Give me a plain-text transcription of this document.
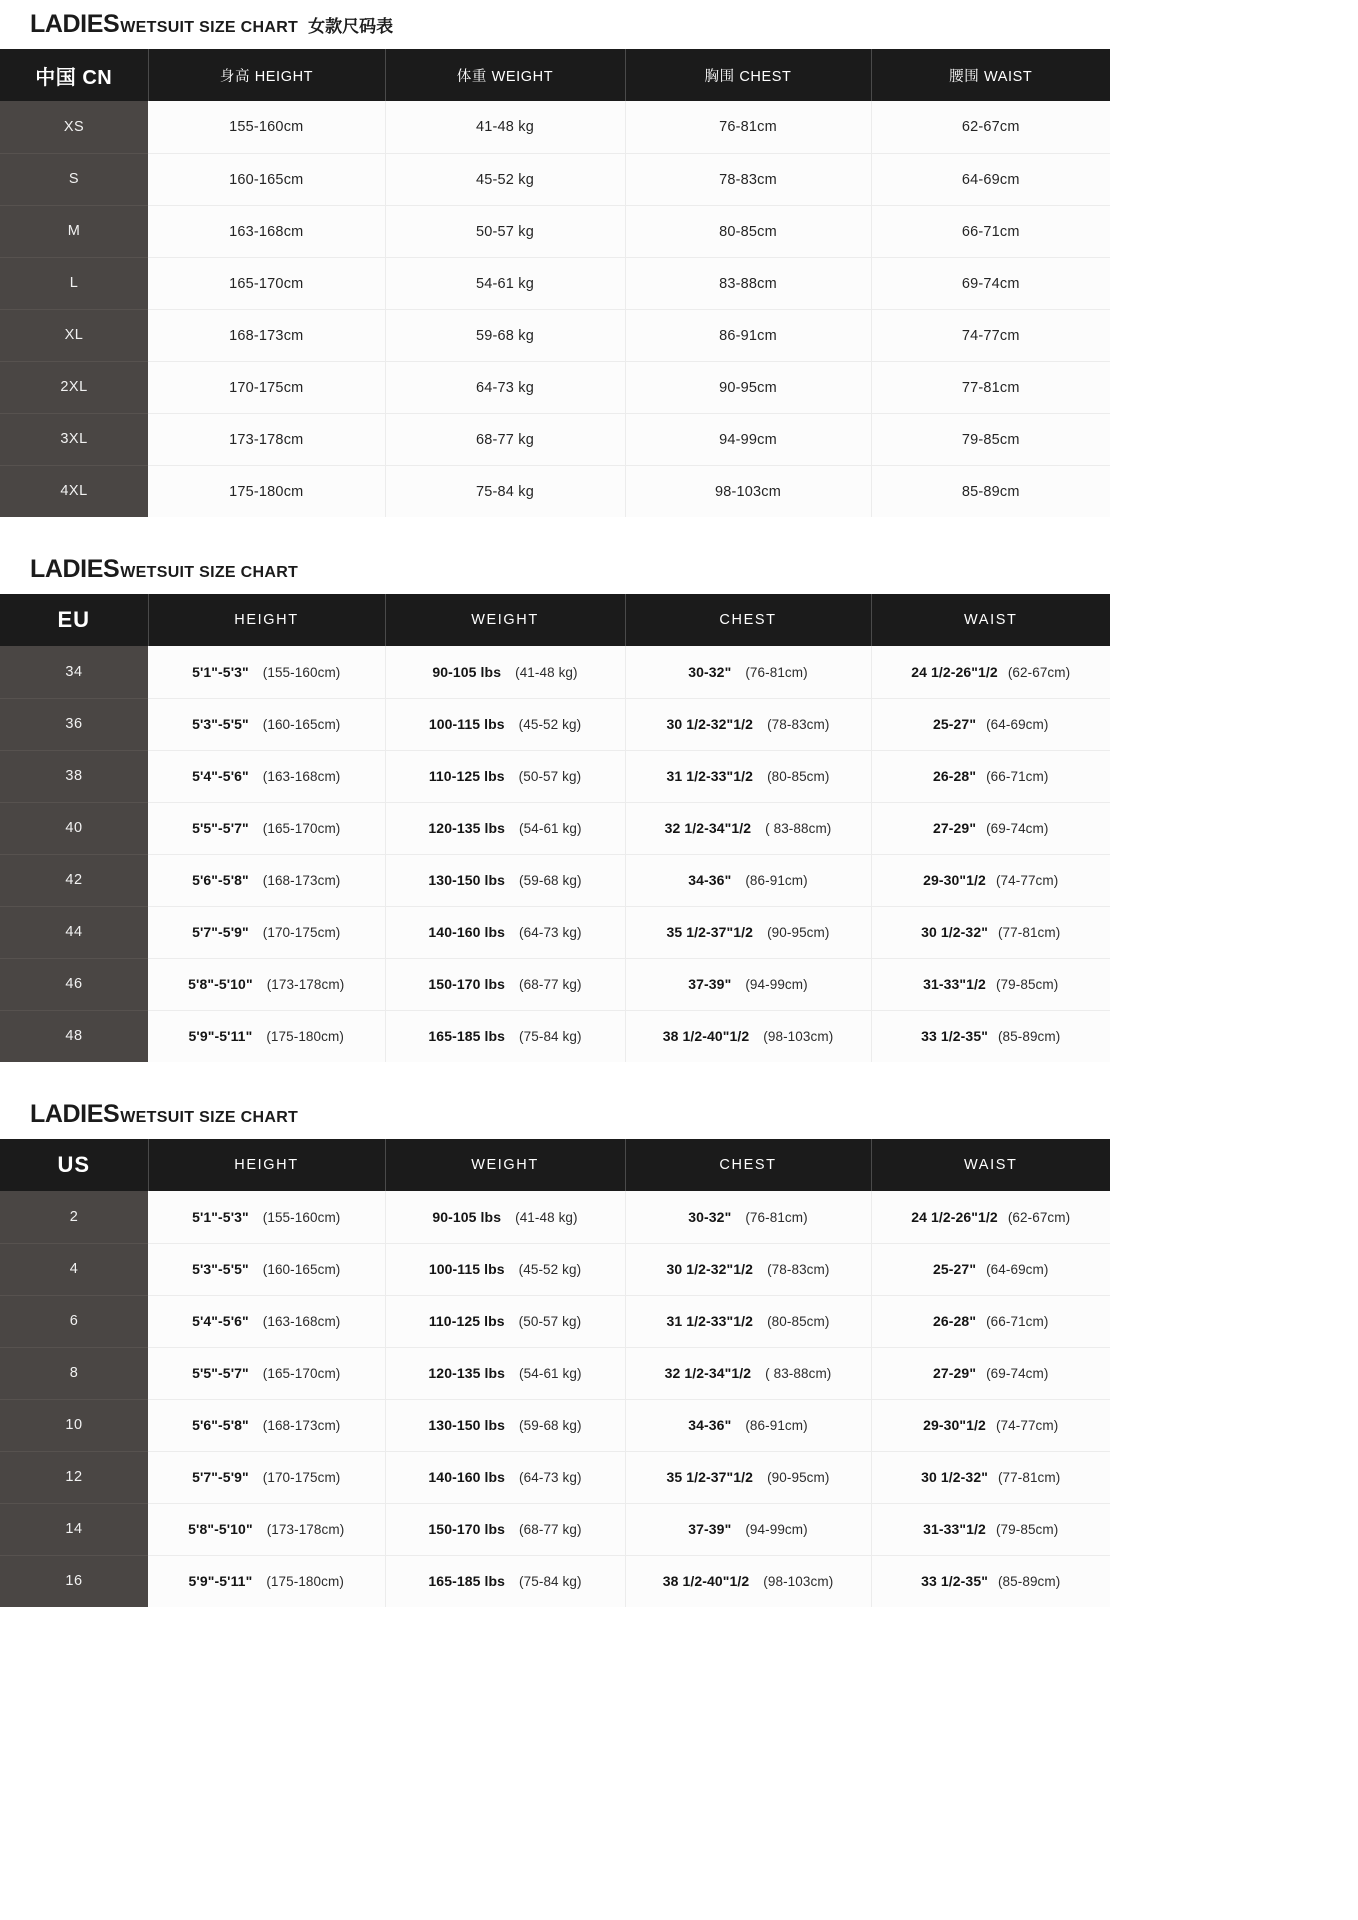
LADIESWETSUIT SIZE CHART 女款尺码表
中国 CN	身高 HEIGHT	体重 WEIGHT	胸围 CHEST	腰围 WAIST
XS	155-160cm	41-48 kg	76-81cm	62-67cm
S	160-165cm	45-52 kg	78-83cm	64-69cm
M	163-168cm	50-57 kg	80-85cm	66-71cm
L	165-170cm	54-61 kg	83-88cm	69-74cm
XL	168-173cm	59-68 kg	86-91cm	74-77cm
2XL	170-175cm	64-73 kg	90-95cm	77-81cm
3XL	173-178cm	68-77 kg	94-99cm	79-85cm
4XL	175-180cm	75-84 kg	98-103cm	85-89cm
LADIESWETSUIT SIZE CHART
EU	HEIGHT	WEIGHT	CHEST	WAIST
34	5'1"-5'3" (155-160cm)	90-105 lbs (41-48 kg)	30-32" (76-81cm)	24 1/2-26"1/2 (62-67cm)

36	5'3"-5'5" (160-165cm)	100-115 lbs (45-52 kg)	30 1/2-32"1/2 (78-83cm)	25-27" (64-69cm)

38	5'4"-5'6" (163-168cm)	110-125 lbs (50-57 kg)	31 1/2-33"1/2 (80-85cm)	26-28" (66-71cm)

40	5'5"-5'7" (165-170cm)	120-135 lbs (54-61 kg)	32 1/2-34"1/2 ( 83-88cm)	27-29" (69-74cm)

42	5'6"-5'8" (168-173cm)	130-150 lbs (59-68 kg)	34-36" (86-91cm)	29-30"1/2 (74-77cm)

44	5'7"-5'9" (170-175cm)	140-160 lbs (64-73 kg)	35 1/2-37"1/2 (90-95cm)	30 1/2-32" (77-81cm)

46	5'8"-5'10" (173-178cm)	150-170 lbs (68-77 kg)	37-39" (94-99cm)	31-33"1/2 (79-85cm)

48	5'9"-5'11" (175-180cm)	165-185 lbs (75-84 kg)	38 1/2-40"1/2 (98-103cm)	33 1/2-35" (85-89cm)
LADIESWETSUIT SIZE CHART
US	HEIGHT	WEIGHT	CHEST	WAIST
2	5'1"-5'3" (155-160cm)	90-105 lbs (41-48 kg)	30-32" (76-81cm)	24 1/2-26"1/2 (62-67cm)

4	5'3"-5'5" (160-165cm)	100-115 lbs (45-52 kg)	30 1/2-32"1/2 (78-83cm)	25-27" (64-69cm)

6	5'4"-5'6" (163-168cm)	110-125 lbs (50-57 kg)	31 1/2-33"1/2 (80-85cm)	26-28" (66-71cm)

8	5'5"-5'7" (165-170cm)	120-135 lbs (54-61 kg)	32 1/2-34"1/2 ( 83-88cm)	27-29" (69-74cm)

10	5'6"-5'8" (168-173cm)	130-150 lbs (59-68 kg)	34-36" (86-91cm)	29-30"1/2 (74-77cm)

12	5'7"-5'9" (170-175cm)	140-160 lbs (64-73 kg)	35 1/2-37"1/2 (90-95cm)	30 1/2-32" (77-81cm)

14	5'8"-5'10" (173-178cm)	150-170 lbs (68-77 kg)	37-39" (94-99cm)	31-33"1/2 (79-85cm)

16	5'9"-5'11" (175-180cm)	165-185 lbs (75-84 kg)	38 1/2-40"1/2 (98-103cm)	33 1/2-35" (85-89cm)
